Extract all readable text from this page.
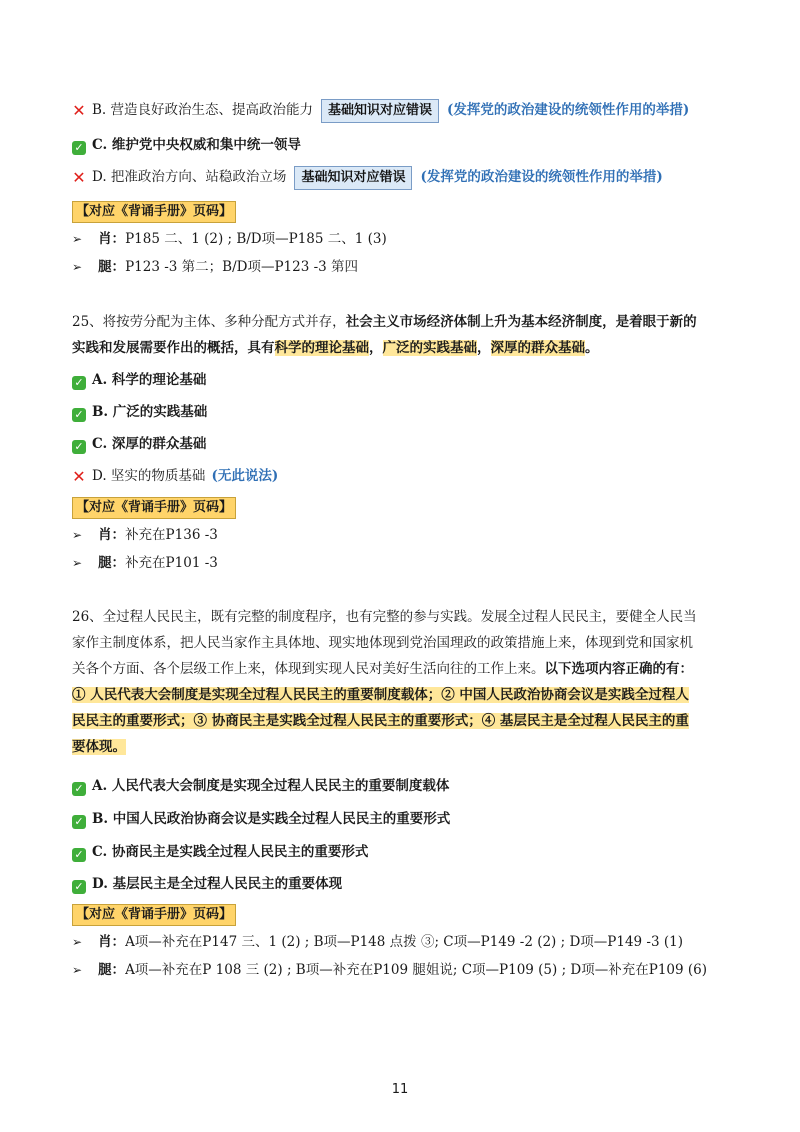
✕ B. 营造良好政治生态、提高政治能力 基础知识对应错误 (发挥党的政治建设的统领性作用的举措)
✓ C. 维护党中央权威和集中统一领导
✕ D. 把准政治方向、站稳政治立场 基础知识对应错误 (发挥党的政治建设的统领性作用的举措)
【对应《背诵手册》页码】
➢ 肖：P185 二、1 (2) ; B/D项—P185 二、1 (3)
➢ 腿：P123 -3 第二；B/D项—P123 -3 第四
25、将按劳分配为主体、多种分配方式并存，社会主义市场经济体制上升为基本经济制度，是着眼于新的
实践和发展需要作出的概括，具有科学的理论基础，广泛的实践基础，深厚的群众基础。
✓ A. 科学的理论基础
✓ B. 广泛的实践基础
✓ C. 深厚的群众基础
✕ D. 坚实的物质基础 (无此说法)
【对应《背诵手册》页码】
➢ 肖：补充在P136 -3
➢ 腿：补充在P101 -3
26、全过程人民民主，既有完整的制度程序，也有完整的参与实践。发展全过程人民民主，要健全人民当
家作主制度体系，把人民当家作主具体地、现实地体现到党治国理政的政策措施上来，体现到党和国家机
关各个方面、各个层级工作上来，体现到实现人民对美好生活向往的工作上来。以下选项内容正确的有：
① 人民代表大会制度是实现全过程人民民主的重要制度载体；② 中国人民政治协商会议是实践全过程人
民民主的重要形式；③ 协商民主是实践全过程人民民主的重要形式；④ 基层民主是全过程人民民主的重
要体现。
✓ A. 人民代表大会制度是实现全过程人民民主的重要制度载体
✓ B. 中国人民政治协商会议是实践全过程人民民主的重要形式
✓ C. 协商民主是实践全过程人民民主的重要形式
✓ D. 基层民主是全过程人民民主的重要体现
【对应《背诵手册》页码】
➢ 肖：A项—补充在P147 三、1 (2) ; B项—P148 点拨 ③; C项—P149 -2 (2) ; D项—P149 -3 (1)
➢ 腿：A项—补充在P 108 三 (2) ; B项—补充在P109 腿姐说; C项—P109 (5) ; D项—补充在P109 (6)
11
